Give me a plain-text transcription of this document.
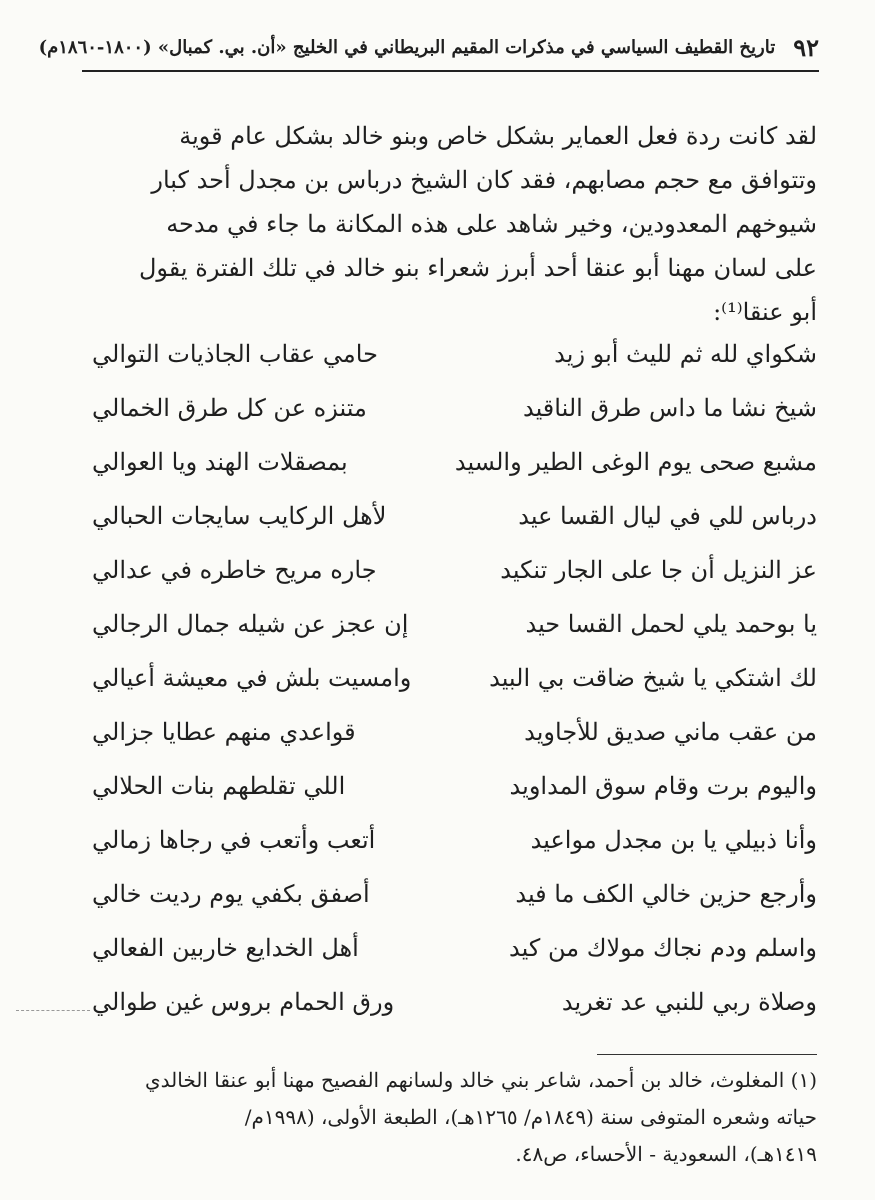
٩٢
تاريخ القطيف السياسي في مذكرات المقيم البريطاني في الخليج «أن. بي. كمبال» (١٨٠٠-١٨٦٠م)
لقد كانت ردة فعل العماير بشكل خاص وبنو خالد بشكل عام قوية
وتتوافق مع حجم مصابهم، فقد كان الشيخ درباس بن مجدل أحد كبار
شيوخهم المعدودين، وخير شاهد على هذه المكانة ما جاء في مدحه
على لسان مهنا أبو عنقا أحد أبرز شعراء بنو خالد في تلك الفترة يقول
أبو عنقا⁽¹⁾:
شكواي لله ثم لليث أبو زيد
حامي عقاب الجاذيات التوالي
شيخ نشا ما داس طرق الناقيد
متنزه عن كل طرق الخمالي
مشبع صحى يوم الوغى الطير والسيد
بمصقلات الهند ويا العوالي
درباس للي في ليال القسا عيد
لأهل الركايب سايجات الحبالي
عز النزيل أن جا على الجار تنكيد
جاره مريح خاطره في عدالي
يا بوحمد يلي لحمل القسا حيد
إن عجز عن شيله جمال الرجالي
لك اشتكي يا شيخ ضاقت بي البيد
وامسيت بلش في معيشة أعيالي
من عقب ماني صديق للأجاويد
قواعدي منهم عطايا جزالي
واليوم برت وقام سوق المداويد
اللي تقلطهم بنات الحلالي
وأنا ذبيلي يا بن مجدل مواعيد
أتعب وأتعب في رجاها زمالي
وأرجع حزين خالي الكف ما فيد
أصفق بكفي يوم رديت خالي
واسلم ودم نجاك مولاك من كيد
أهل الخدايع خاربين الفعالي
وصلاة ربي للنبي عد تغريد
ورق الحمام بروس غين طوالي
(١) المغلوث، خالد بن أحمد، شاعر بني خالد ولسانهم الفصيح مهنا أبو عنقا الخالدي
حياته وشعره المتوفى سنة (١٨٤٩م/ ١٢٦٥هـ)، الطبعة الأولى، (١٩٩٨م/
١٤١٩هـ)، السعودية - الأحساء، ص٤٨.
